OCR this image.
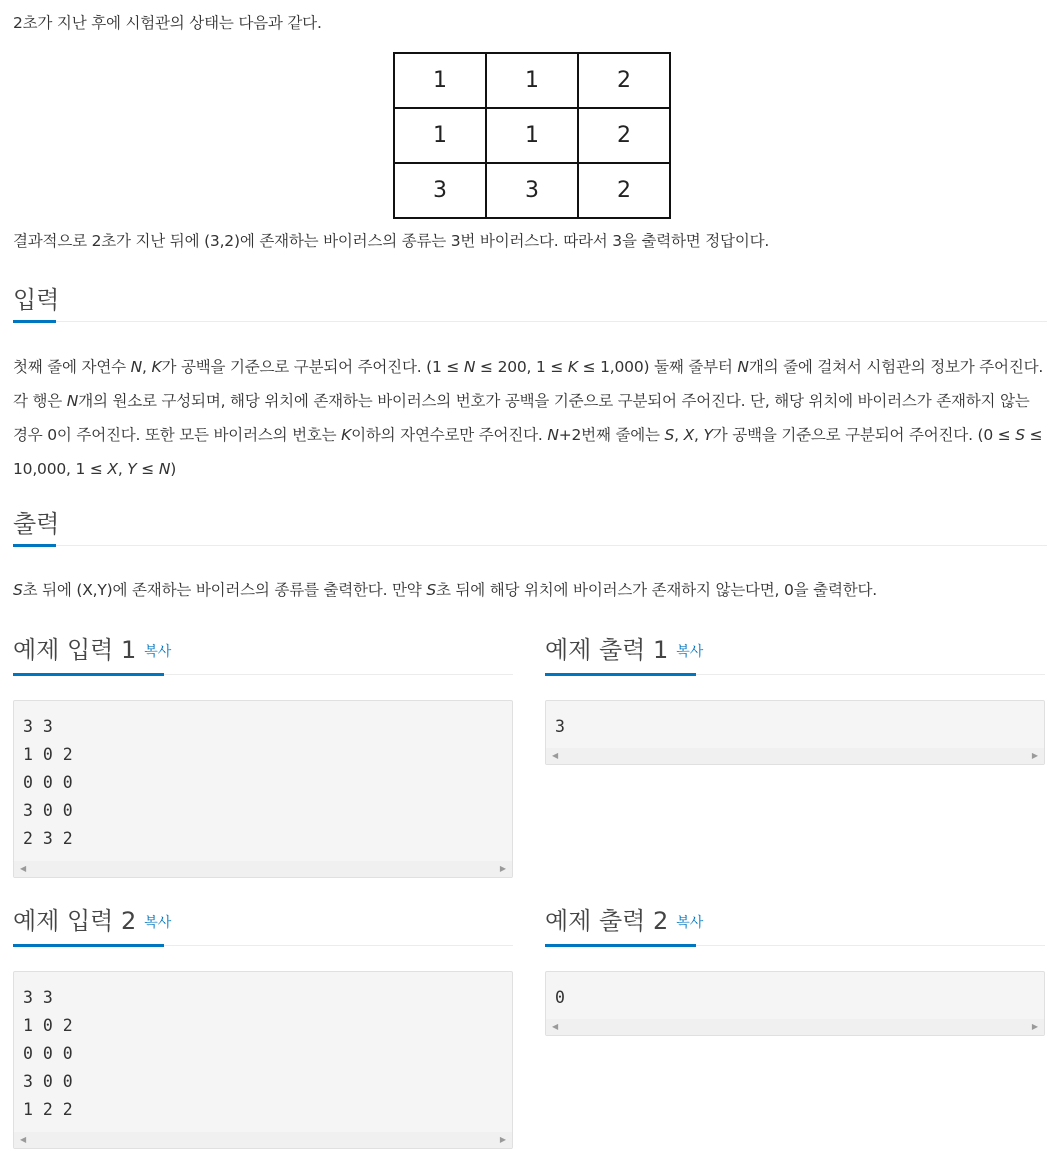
2초가 지난 후에 시험관의 상태는 다음과 같다.

1	1	2
1	1	2
3	3	2

결과적으로 2초가 지난 뒤에 (3,2)에 존재하는 바이러스의 종류는 3번 바이러스다. 따라서 3을 출력하면 정답이다.

입력

첫째 줄에 자연수 N, K가 공백을 기준으로 구분되어 주어진다. (1 ≤ N ≤ 200, 1 ≤ K ≤ 1,000) 둘째 줄부터 N개의 줄에 걸쳐서 시험관의 정보가 주어진다. 각 행은 N개의 원소로 구성되며, 해당 위치에 존재하는 바이러스의 번호가 공백을 기준으로 구분되어 주어진다. 단, 해당 위치에 바이러스가 존재하지 않는 경우 0이 주어진다. 또한 모든 바이러스의 번호는 K이하의 자연수로만 주어진다. N+2번째 줄에는 S, X, Y가 공백을 기준으로 구분되어 주어진다. (0 ≤ S ≤ 10,000, 1 ≤ X, Y ≤ N)

출력

S초 뒤에 (X,Y)에 존재하는 바이러스의 종류를 출력한다. 만약 S초 뒤에 해당 위치에 바이러스가 존재하지 않는다면, 0을 출력한다.

예제 입력 1 복사
3 3
1 0 2
0 0 0
3 0 0
2 3 2
◀	▶
예제 출력 1 복사
3
◀	▶
예제 입력 2 복사
3 3
1 0 2
0 0 0
3 0 0
1 2 2
◀	▶
예제 출력 2 복사
0
◀	▶
